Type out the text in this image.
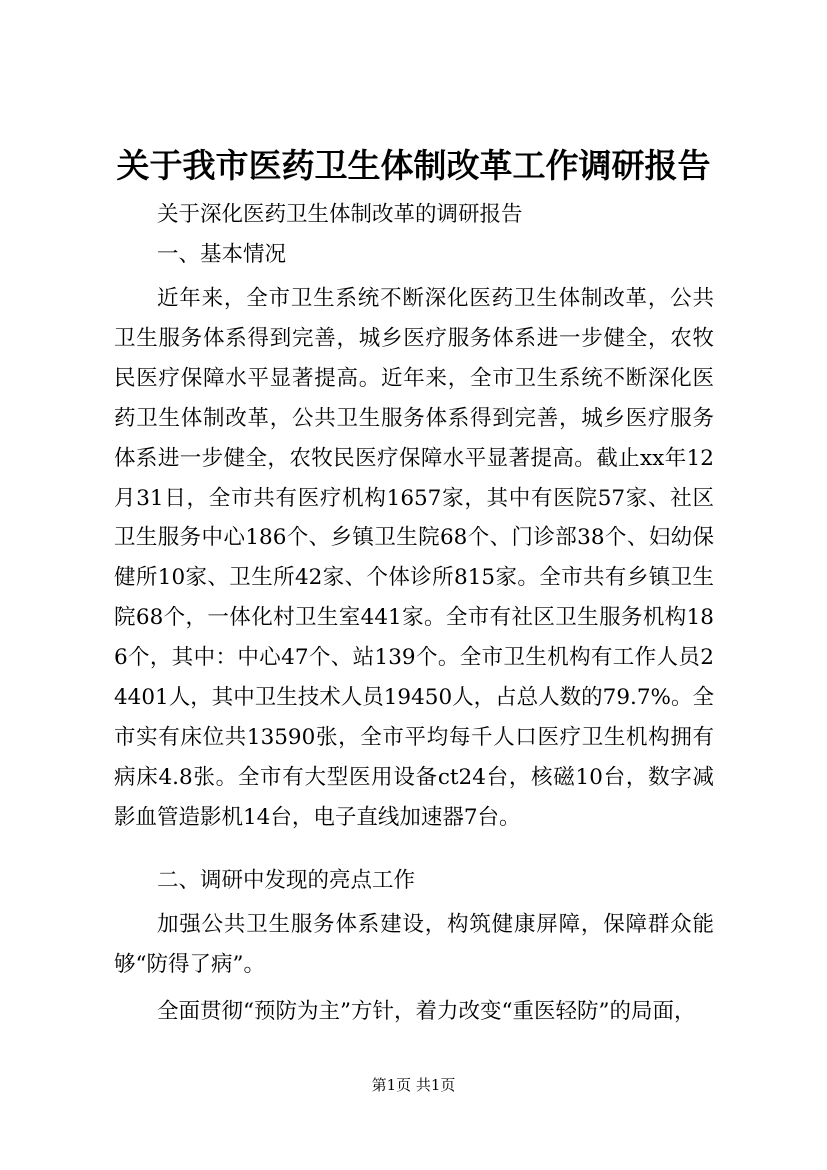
关于我市医药卫生体制改革工作调研报告
关于深化医药卫生体制改革的调研报告
一、基本情况
近年来，全市卫生系统不断深化医药卫生体制改革，公共卫生服务体系得到完善，城乡医疗服务体系进一步健全，农牧民医疗保障水平显著提高。近年来，全市卫生系统不断深化医药卫生体制改革，公共卫生服务体系得到完善，城乡医疗服务体系进一步健全，农牧民医疗保障水平显著提高。截止xx年12月31日，全市共有医疗机构1657家，其中有医院57家、社区卫生服务中心186个、乡镇卫生院68个、门诊部38个、妇幼保健所10家、卫生所42家、个体诊所815家。全市共有乡镇卫生院68个，一体化村卫生室441家。全市有社区卫生服务机构186个，其中：中心47个、站139个。全市卫生机构有工作人员24401人，其中卫生技术人员19450人，占总人数的79.7%。全市实有床位共13590张，全市平均每千人口医疗卫生机构拥有病床4.8张。全市有大型医用设备ct24台，核磁10台，数字减影血管造影机14台，电子直线加速器7台。
二、调研中发现的亮点工作
加强公共卫生服务体系建设，构筑健康屏障，保障群众能够“防得了病”。
全面贯彻“预防为主”方针，着力改变“重医轻防”的局面，
第1页 共1页
